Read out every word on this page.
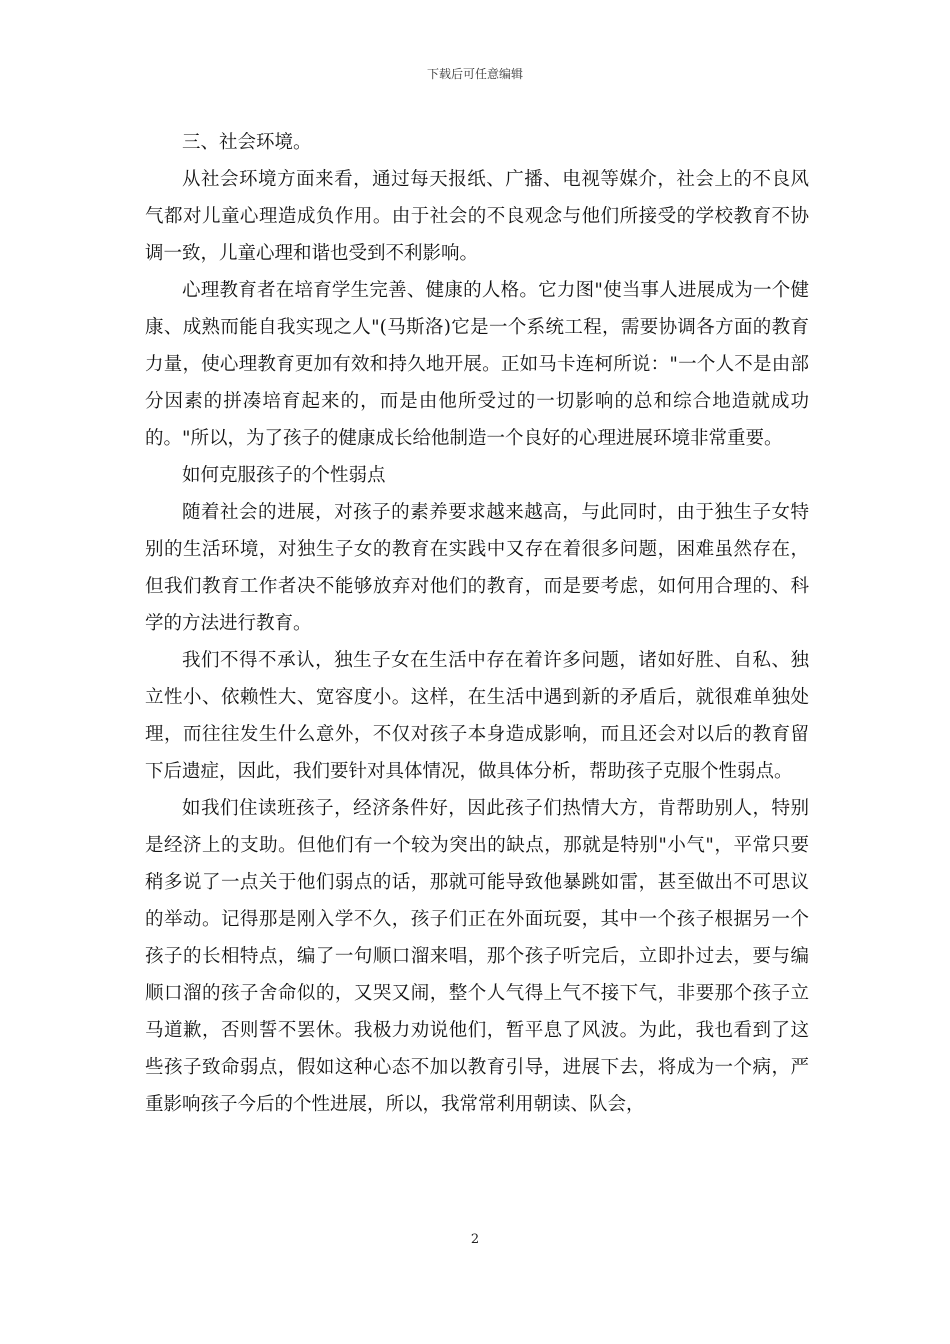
下载后可任意编辑

三、社会环境。

从社会环境方面来看，通过每天报纸、广播、电视等媒介，社会上的不良风气都对儿童心理造成负作用。由于社会的不良观念与他们所接受的学校教育不协调一致，儿童心理和谐也受到不利影响。

心理教育者在培育学生完善、健康的人格。它力图"使当事人进展成为一个健康、成熟而能自我实现之人"(马斯洛)它是一个系统工程，需要协调各方面的教育力量，使心理教育更加有效和持久地开展。正如马卡连柯所说："一个人不是由部分因素的拼凑培育起来的，而是由他所受过的一切影响的总和综合地造就成功的。"所以，为了孩子的健康成长给他制造一个良好的心理进展环境非常重要。

如何克服孩子的个性弱点

随着社会的进展，对孩子的素养要求越来越高，与此同时，由于独生子女特别的生活环境，对独生子女的教育在实践中又存在着很多问题，困难虽然存在，但我们教育工作者决不能够放弃对他们的教育，而是要考虑，如何用合理的、科学的方法进行教育。

我们不得不承认，独生子女在生活中存在着许多问题，诸如好胜、自私、独立性小、依赖性大、宽容度小。这样，在生活中遇到新的矛盾后，就很难单独处理，而往往发生什么意外，不仅对孩子本身造成影响，而且还会对以后的教育留下后遗症，因此，我们要针对具体情况，做具体分析，帮助孩子克服个性弱点。

如我们住读班孩子，经济条件好，因此孩子们热情大方，肯帮助别人，特别是经济上的支助。但他们有一个较为突出的缺点，那就是特别"小气"，平常只要稍多说了一点关于他们弱点的话，那就可能导致他暴跳如雷，甚至做出不可思议的举动。记得那是刚入学不久，孩子们正在外面玩耍，其中一个孩子根据另一个孩子的长相特点，编了一句顺口溜来唱，那个孩子听完后，立即扑过去，要与编顺口溜的孩子舍命似的，又哭又闹，整个人气得上气不接下气，非要那个孩子立马道歉，否则誓不罢休。我极力劝说他们，暂平息了风波。为此，我也看到了这些孩子致命弱点，假如这种心态不加以教育引导，进展下去，将成为一个病，严重影响孩子今后的个性进展，所以，我常常利用朝读、队会，

2
